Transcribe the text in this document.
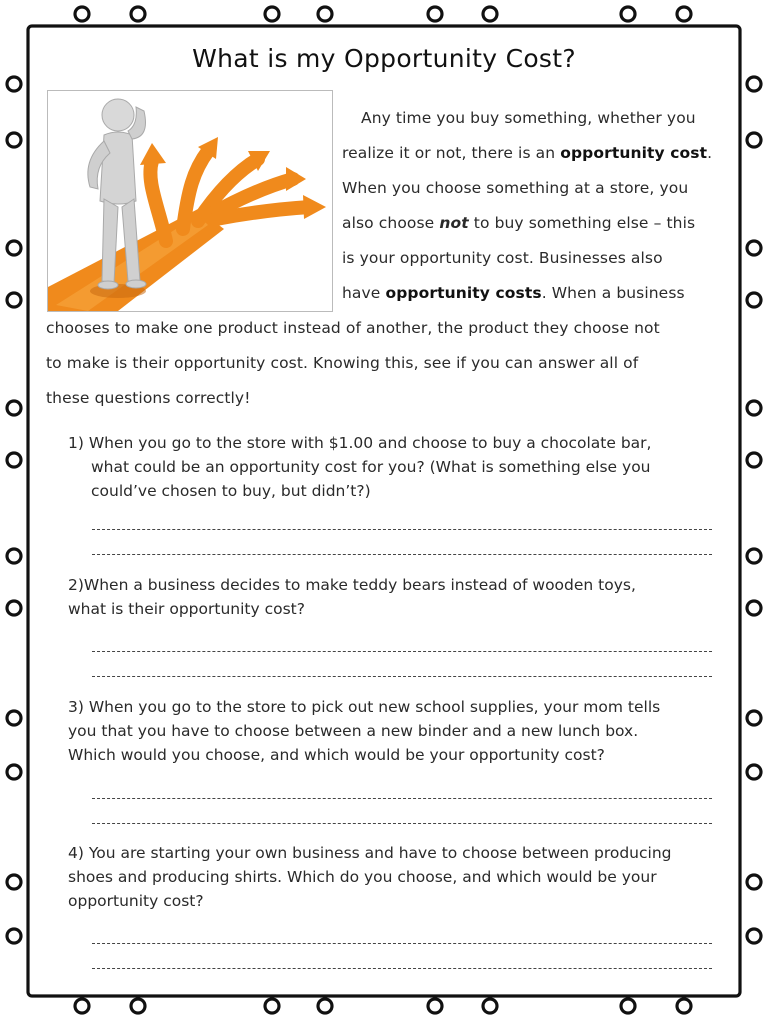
What is my Opportunity Cost?
Any time you buy something, whether you
realize it or not, there is an opportunity cost.
When you choose something at a store, you
also choose not to buy something else – this
is your opportunity cost. Businesses also
have opportunity costs. When a business
chooses to make one product instead of another, the product they choose not
to make is their opportunity cost. Knowing this, see if you can answer all of
these questions correctly!
1) When you go to the store with $1.00 and choose to buy a chocolate bar,
what could be an opportunity cost for you? (What is something else you
could’ve chosen to buy, but didn’t?)
2)When a business decides to make teddy bears instead of wooden toys,
what is their opportunity cost?
3) When you go to the store to pick out new school supplies, your mom tells
you that you have to choose between a new binder and a new lunch box.
Which would you choose, and which would be your opportunity cost?
4) You are starting your own business and have to choose between producing
shoes and producing shirts. Which do you choose, and which would be your
opportunity cost?
